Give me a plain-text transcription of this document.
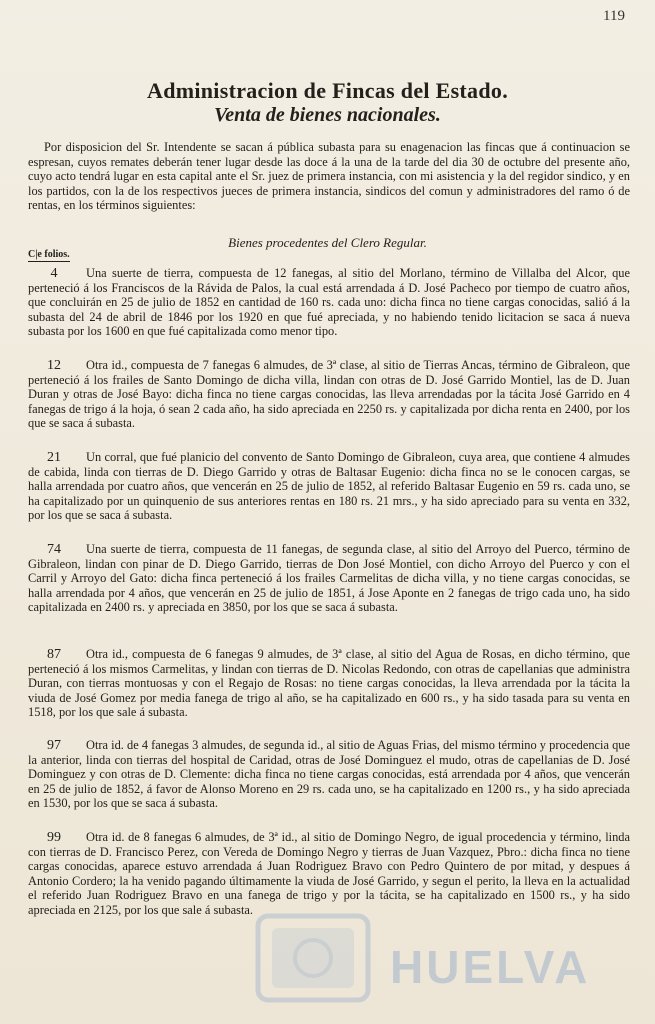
119
Administracion de Fincas del Estado.
Venta de bienes nacionales.
Por disposicion del Sr. Intendente se sacan á pública subasta para su enagenacion las fincas que á continuacion se espresan, cuyos remates deberán tener lugar desde las doce á la una de la tarde del dia 30 de octubre del presente año, cuyo acto tendrá lugar en esta capital ante el Sr. juez de primera instancia, con mi asistencia y la del regidor sindico, y en los partidos, con la de los respectivos jueces de primera instancia, sindicos del comun y administradores del ramo ó de rentas, en los términos siguientes:
Bienes procedentes del Clero Regular.
C|e folios.
4	Una suerte de tierra, compuesta de 12 fanegas, al sitio del Morlano, término de Villalba del Alcor, que perteneció á los Franciscos de la Rávida de Palos, la cual está arrendada á D. José Pacheco por tiempo de cuatro años, que concluirán en 25 de julio de 1852 en cantidad de 160 rs. cada uno: dicha finca no tiene cargas conocidas, salió á la subasta del 24 de abril de 1846 por los 1920 en que fué apreciada, y no habiendo tenido licitacion se saca á nueva subasta por los 1600 en que fué capitalizada como menor tipo.
12	Otra id., compuesta de 7 fanegas 6 almudes, de 3ª clase, al sitio de Tierras Ancas, término de Gibraleon, que perteneció á los frailes de Santo Domingo de dicha villa, lindan con otras de D. José Garrido Montiel, las de D. Juan Duran y otras de José Bayo: dicha finca no tiene cargas conocidas, las lleva arrendadas por la tácita José Garrido en 4 fanegas de trigo á la hoja, ó sean 2 cada año, ha sido apreciada en 2250 rs. y capitalizada por dicha renta en 2400, por los que se saca á subasta.
21	Un corral, que fué planicio del convento de Santo Domingo de Gibraleon, cuya area, que contiene 4 almudes de cabida, linda con tierras de D. Diego Garrido y otras de Baltasar Eugenio: dicha finca no se le conocen cargas, se halla arrendada por cuatro años, que vencerán en 25 de julio de 1852, al referido Baltasar Eugenio en 59 rs. cada uno, se ha capitalizado por un quinquenio de sus anteriores rentas en 180 rs. 21 mrs., y ha sido apreciado para su venta en 332, por los que se saca á subasta.
74	Una suerte de tierra, compuesta de 11 fanegas, de segunda clase, al sitio del Arroyo del Puerco, término de Gibraleon, lindan con pinar de D. Diego Garrido, tierras de Don José Montiel, con dicho Arroyo del Puerco y con el Carril y Arroyo del Gato: dicha finca perteneció á los frailes Carmelitas de dicha villa, y no tiene cargas conocidas, se halla arrendada por 4 años, que vencerán en 25 de julio de 1851, á Jose Aponte en 2 fanegas de trigo cada uno, ha sido capitalizada en 2400 rs. y apreciada en 3850, por los que se saca á subasta.
87	Otra id., compuesta de 6 fanegas 9 almudes, de 3ª clase, al sitio del Agua de Rosas, en dicho término, que perteneció á los mismos Carmelitas, y lindan con tierras de D. Nicolas Redondo, con otras de capellanias que administra Duran, con tierras montuosas y con el Regajo de Rosas: no tiene cargas conocidas, la lleva arrendada por la tácita la viuda de José Gomez por media fanega de trigo al año, se ha capitalizado en 600 rs., y ha sido tasada para su venta en 1518, por los que sale á subasta.
97	Otra id. de 4 fanegas 3 almudes, de segunda id., al sitio de Aguas Frias, del mismo término y procedencia que la anterior, linda con tierras del hospital de Caridad, otras de José Dominguez el mudo, otras de capellanias de D. José Dominguez y con otras de D. Clemente: dicha finca no tiene cargas conocidas, está arrendada por 4 años, que vencerán en 25 de julio de 1852, á favor de Alonso Moreno en 29 rs. cada uno, se ha capitalizado en 1200 rs., y ha sido apreciada en 1530, por los que se saca á subasta.
99	Otra id. de 8 fanegas 6 almudes, de 3ª id., al sitio de Domingo Negro, de igual procedencia y término, linda con tierras de D. Francisco Perez, con Vereda de Domingo Negro y tierras de Juan Vazquez, Pbro.: dicha finca no tiene cargas conocidas, aparece estuvo arrendada á Juan Rodriguez Bravo con Pedro Quintero de por mitad, y despues á Antonio Cordero; la ha venido pagando últimamente la viuda de José Garrido, y segun el perito, la lleva en la actualidad el referido Juan Rodriguez Bravo en una fanega de trigo y por la tácita, se ha capitalizado en 1500 rs., y ha sido apreciada en 2125, por los que sale á subasta.
HUELVA
